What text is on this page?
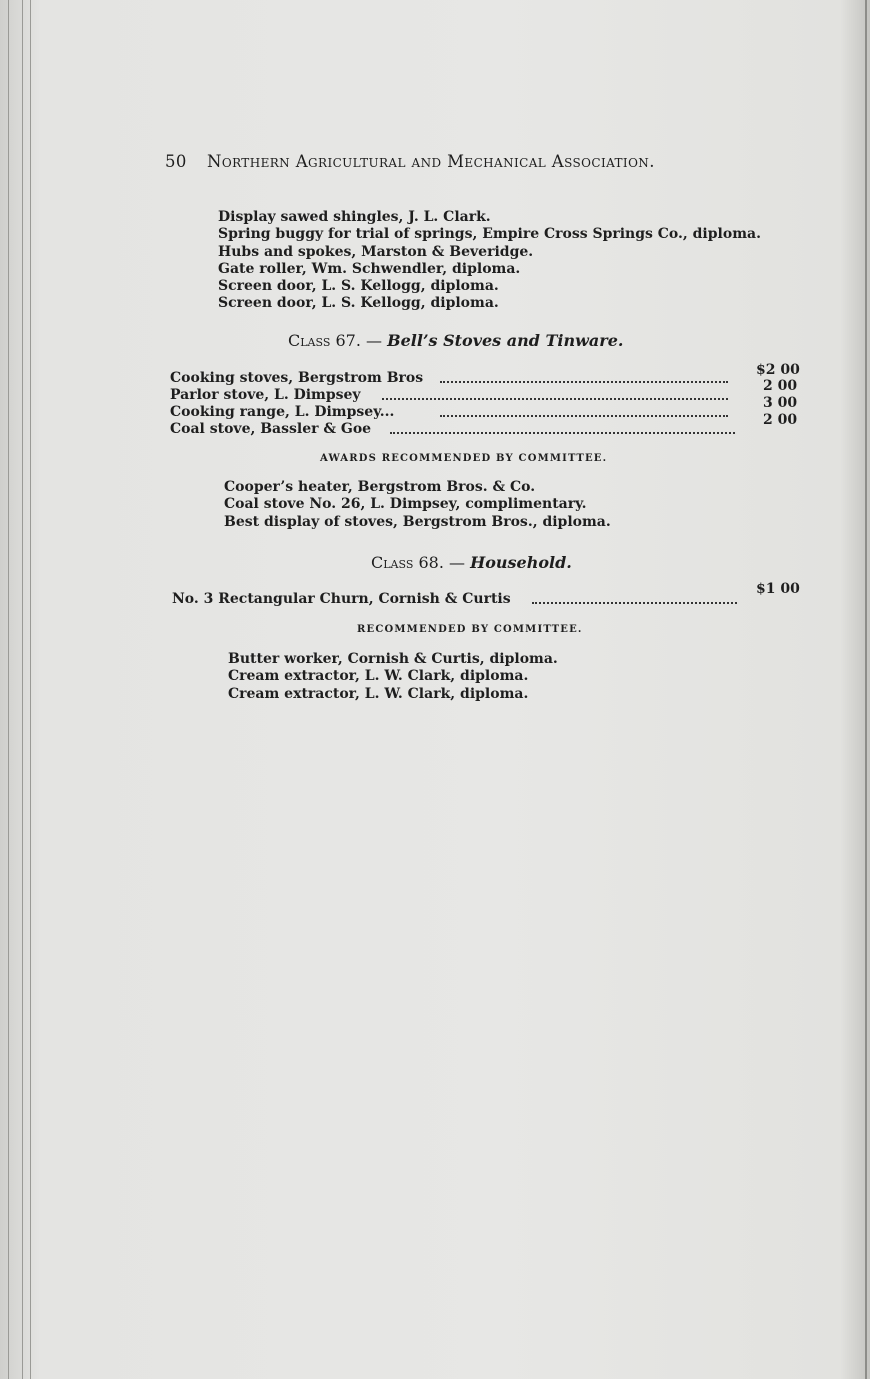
50 Northern Agricultural and Mechanical Association.
Display sawed shingles, J. L. Clark.
Spring buggy for trial of springs, Empire Cross Springs Co., diploma.
Hubs and spokes, Marston & Beveridge.
Gate roller, Wm. Schwendler, diploma.
Screen door, L. S. Kellogg, diploma.
Screen door, L. S. Kellogg, diploma.
Class 67. — Bell’s Stoves and Tinware.
Cooking stoves, Bergstrom Bros	$2 00
Parlor stove, L. Dimpsey
2 00
Cooking range, L. Dimpsey...
3 00
Coal stove, Bassler & Goe
2 00
AWARDS RECOMMENDED BY COMMITTEE.
Cooper’s heater, Bergstrom Bros. & Co.
Coal stove No. 26, L. Dimpsey, complimentary.
Best display of stoves, Bergstrom Bros., diploma.
Class 68. — Household.
No. 3 Rectangular Churn, Cornish & Curtis
$1 00
RECOMMENDED BY COMMITTEE.
Butter worker, Cornish & Curtis, diploma.
Cream extractor, L. W. Clark, diploma.
Cream extractor, L. W. Clark, diploma.
